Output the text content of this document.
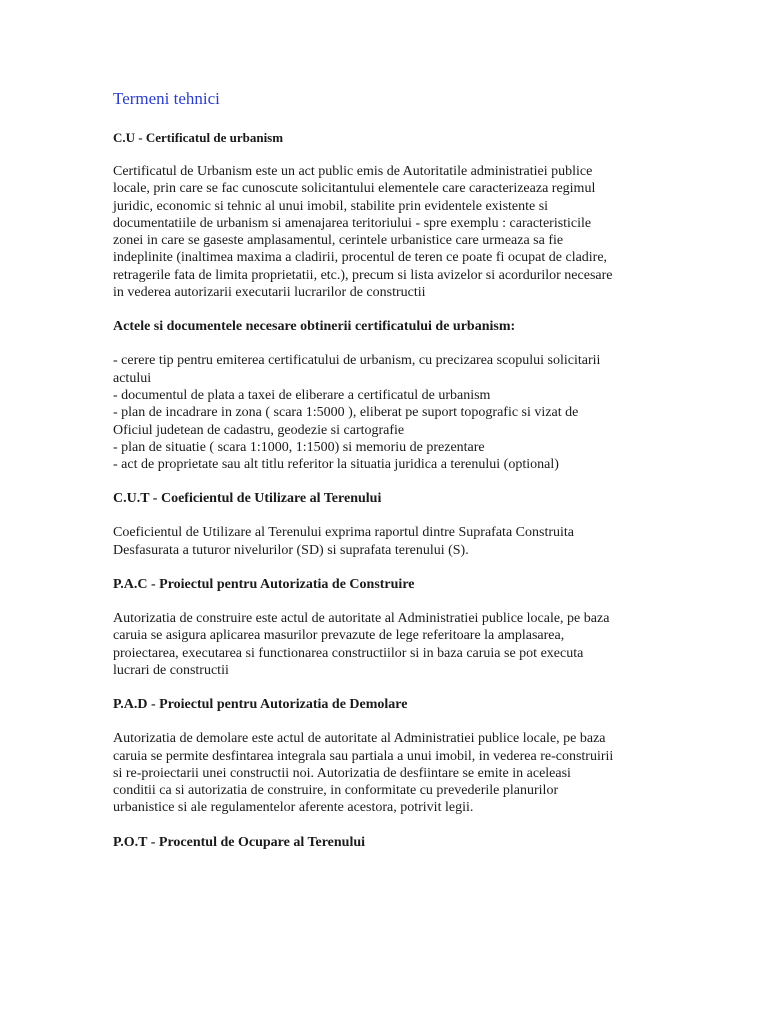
Termeni tehnici
C.U - Certificatul de urbanism
Certificatul de Urbanism este un act public emis de Autoritatile administratiei publice
locale, prin care se fac cunoscute solicitantului elementele care caracterizeaza regimul
juridic, economic si tehnic al unui imobil, stabilite prin evidentele existente si
documentatiile de urbanism si amenajarea teritoriului - spre exemplu : caracteristicile
zonei in care se gaseste amplasamentul, cerintele urbanistice care urmeaza sa fie
indeplinite (inaltimea maxima a cladirii, procentul de teren ce poate fi ocupat de cladire,
retragerile fata de limita proprietatii, etc.), precum si lista avizelor si acordurilor necesare
in vederea autorizarii executarii lucrarilor de constructii
Actele si documentele necesare obtinerii certificatului de urbanism:
- cerere tip pentru emiterea certificatului de urbanism, cu precizarea scopului solicitarii
actului
- documentul de plata a taxei de eliberare a certificatul de urbanism
- plan de incadrare in zona ( scara 1:5000 ), eliberat pe suport topografic si vizat de
Oficiul judetean de cadastru, geodezie si cartografie
- plan de situatie ( scara 1:1000, 1:1500) si memoriu de prezentare
- act de proprietate sau alt titlu referitor la situatia juridica a terenului (optional)
C.U.T - Coeficientul de Utilizare al Terenului
Coeficientul de Utilizare al Terenului exprima raportul dintre Suprafata Construita
Desfasurata a tuturor nivelurilor (SD) si suprafata terenului (S).
P.A.C - Proiectul pentru Autorizatia de Construire
Autorizatia de construire este actul de autoritate al Administratiei publice locale, pe baza
caruia se asigura aplicarea masurilor prevazute de lege referitoare la amplasarea,
proiectarea, executarea si functionarea constructiilor si in baza caruia se pot executa
lucrari de constructii
P.A.D - Proiectul pentru Autorizatia de Demolare
Autorizatia de demolare este actul de autoritate al Administratiei publice locale, pe baza
caruia se permite desfintarea integrala sau partiala a unui imobil, in vederea re-construirii
si re-proiectarii unei constructii noi. Autorizatia de desfiintare se emite in aceleasi
conditii ca si autorizatia de construire, in conformitate cu prevederile planurilor
urbanistice si ale regulamentelor aferente acestora, potrivit legii.
P.O.T - Procentul de Ocupare al Terenului
